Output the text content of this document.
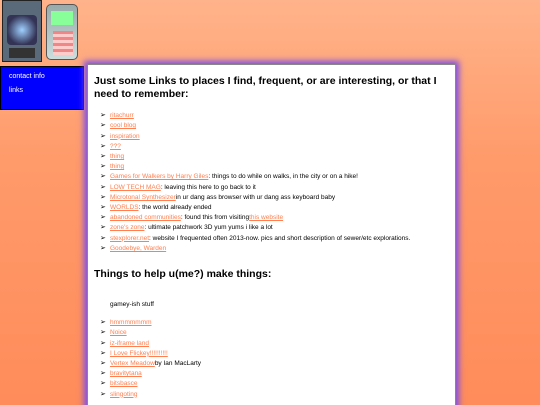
contact info
links
Just some Links to places I find, frequent, or are interesting, or that I need to remember:
➢ ritachurr
➢ cool blog
➢ inspiration
➢ ???
➢ thing
➢ thing
➢ Games for Walkers by Harry Giles : things to do while on walks, in the city or on a hike!
➢ LOW TECH MAG : leaving this here to go back to it
➢ Microtonal Synthesizer in ur dang ass browser with ur dang ass keyboard baby
➢ WORLDS : the world already ended
➢ abandoned communities : found this from visiting this website
➢ zone's zone : ultimate patchwork 3D yum yums i like a lot
➢ stexplorer.net : website I frequented often 2013-now. pics and short description of sewer/etc explorations.
➢ Goodebye, Warden
Things to help u(me?) make things:
gamey-ish stuff
➢ hmmmmmmm
➢ Noice
➢ iz-iframe land
➢ I Love Flickey!!!!!!!!!!
➢ Vertex Meadow by Ian MacLarty
➢ bravitytana
➢ bitsbasce
➢ slingoting
